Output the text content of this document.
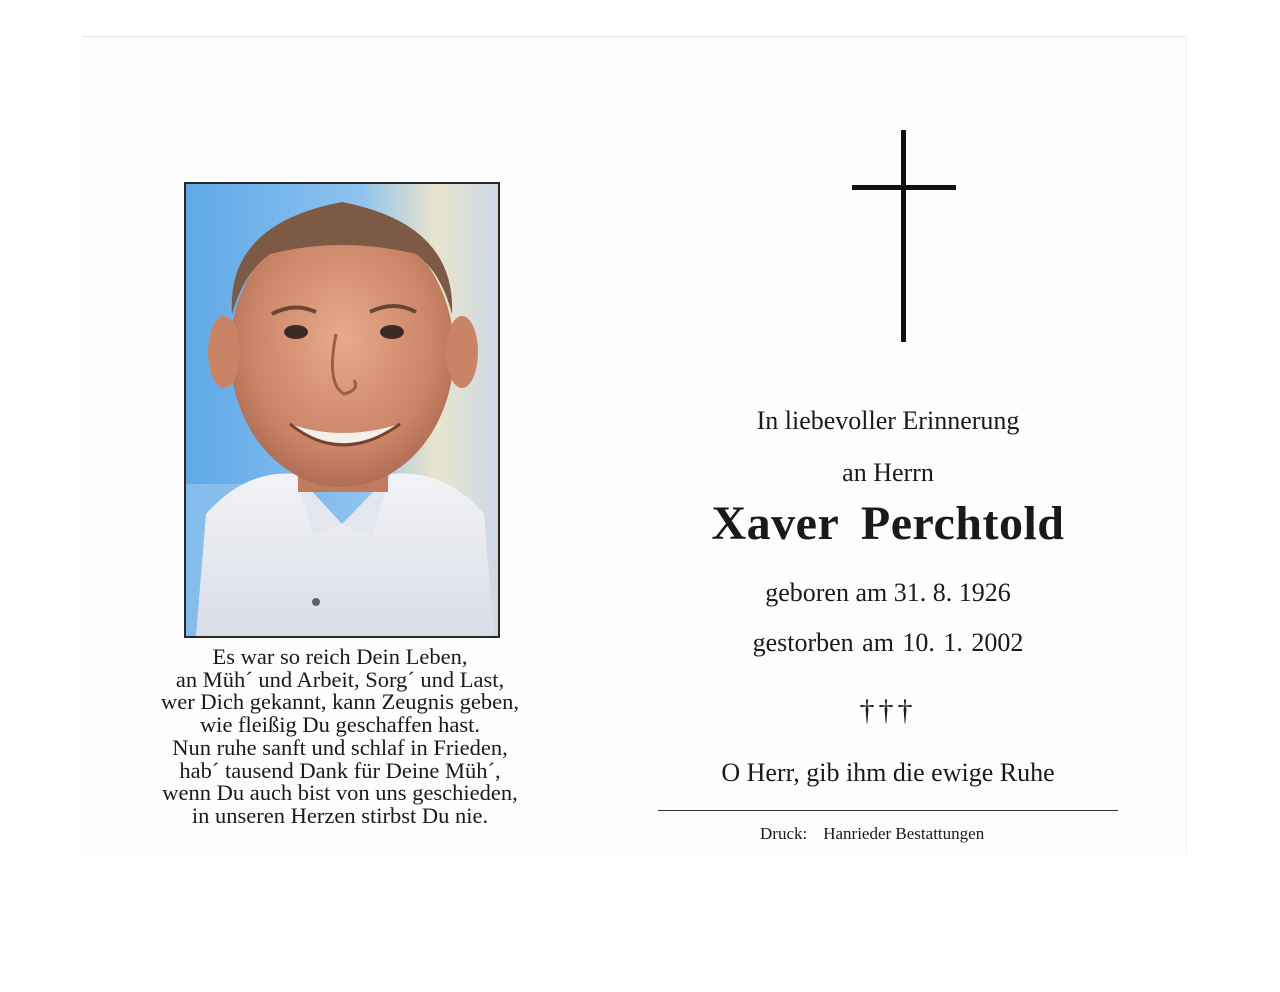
Es war so reich Dein Leben,
an Müh´ und Arbeit, Sorg´ und Last,
wer Dich gekannt, kann Zeugnis geben,
wie fleißig Du geschaffen hast.
Nun ruhe sanft und schlaf in Frieden,
hab´ tausend Dank für Deine Müh´,
wenn Du auch bist von uns geschieden,
in unseren Herzen stirbst Du nie.
In liebevoller Erinnerung
an Herrn
Xaver Perchtold
geboren am 31. 8. 1926
gestorben am 10. 1. 2002
†††
O Herr, gib ihm die ewige Ruhe
Druck: Hanrieder Bestattungen
